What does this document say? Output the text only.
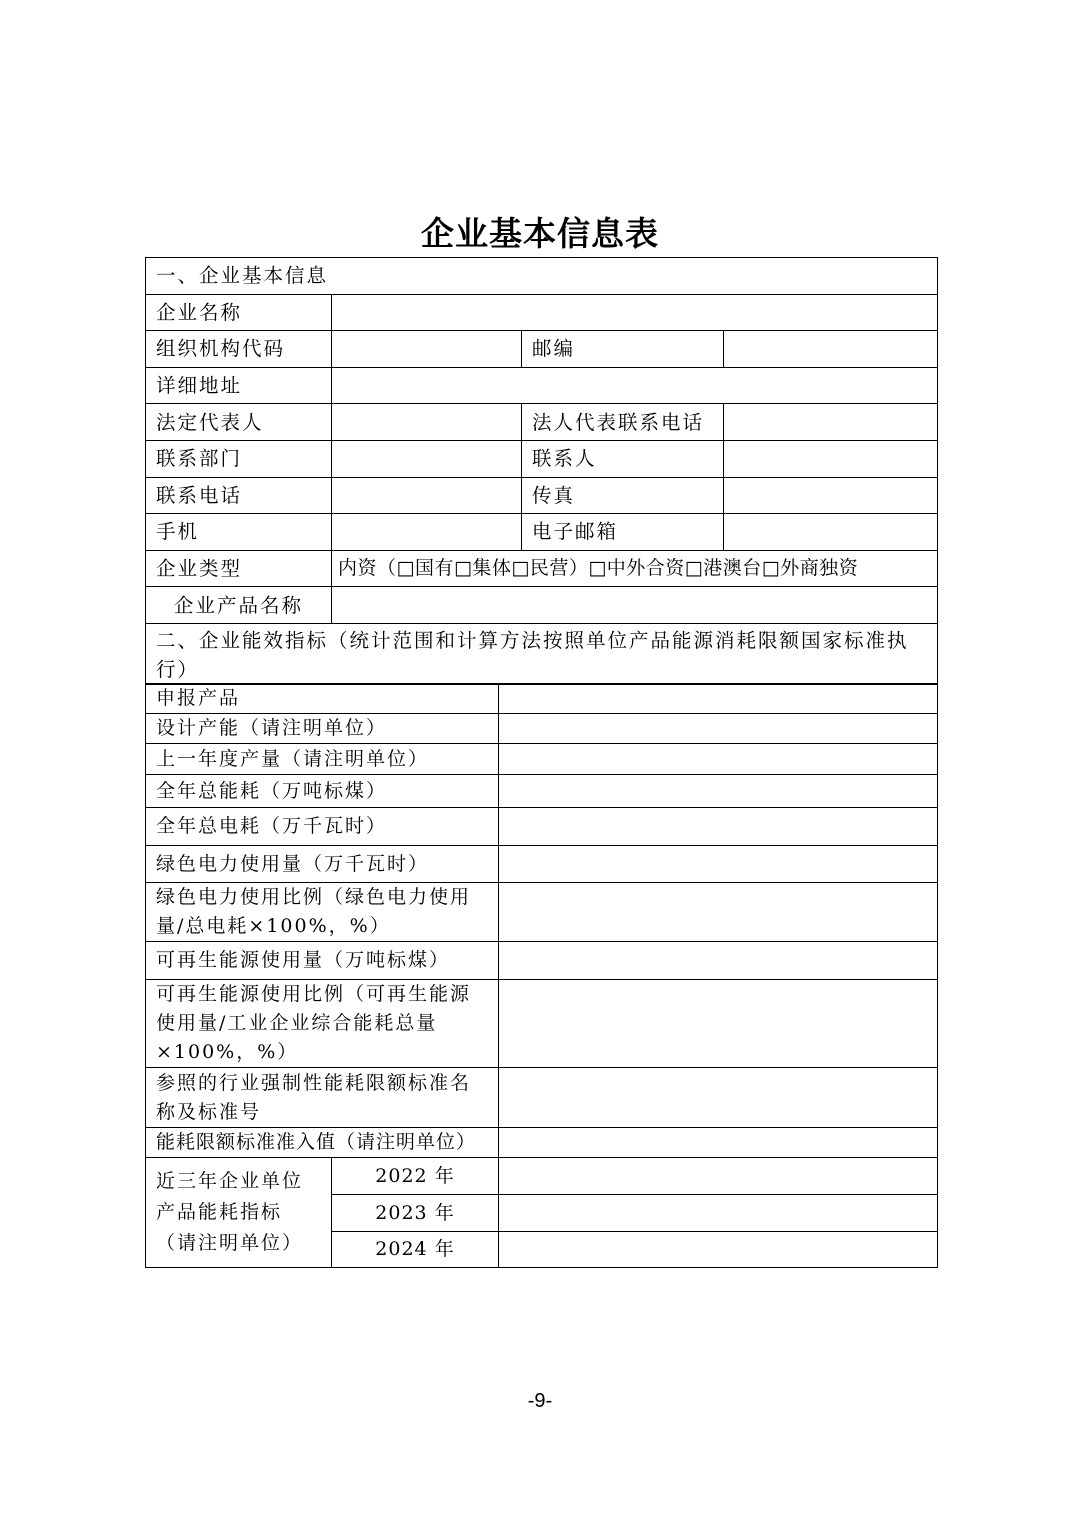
企业基本信息表
一、企业基本信息			
企业名称			
组织机构代码		邮编	
详细地址			
法定代表人		法人代表联系电话	
联系部门		联系人	
联系电话		传真	
手机		电子邮箱	
企业类型	内资（□国有□集体□民营）□中外合资□港澳台□外商独资		
企业产品名称			
二、企业能效指标（统计范围和计算方法按照单位产品能源消耗限额国家标准执行）			
申报产品		
设计产能（请注明单位）		
上一年度产量（请注明单位）		
全年总能耗（万吨标煤）		
全年总电耗（万千瓦时）		
绿色电力使用量（万千瓦时）		
绿色电力使用比例（绿色电力使用量/总电耗×100%，%）		
可再生能源使用量（万吨标煤）		
可再生能源使用比例（可再生能源使用量/工业企业综合能耗总量×100%，%）		
参照的行业强制性能耗限额标准名称及标准号		
能耗限额标准准入值（请注明单位）		
近三年企业单位产品能耗指标（请注明单位）	2022 年	
	2023 年	
	2024 年	
-9-
